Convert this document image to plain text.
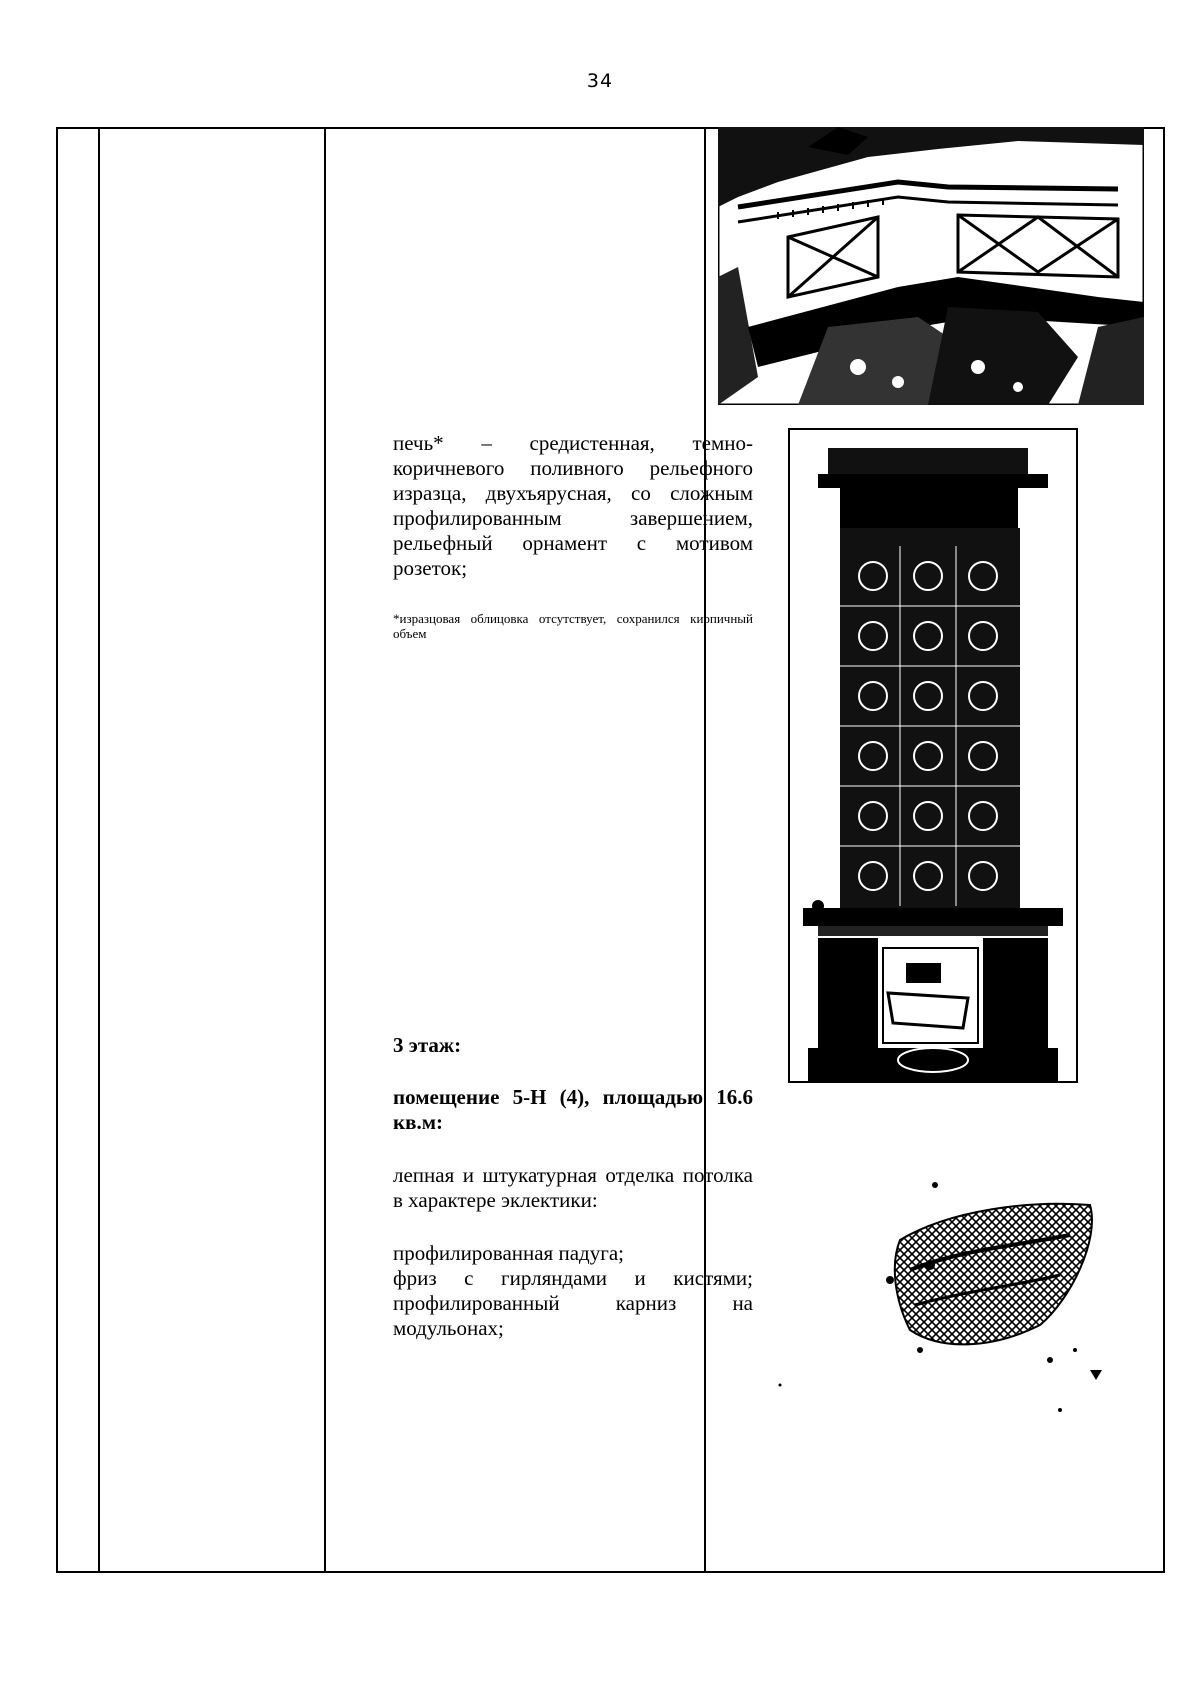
34
печь* – средистенная, темно-коричневого поливного рельефного изразца, двухъярусная, со сложным профилированным завершением, рельефный орнамент с мотивом розеток;
*изразцовая облицовка отсутствует, сохранился кирпичный объем
3 этаж:
помещение 5-Н (4), площадью 16.6 кв.м:
лепная и штукатурная отделка потолка в характере эклектики:
профилированная падуга;
фриз с гирляндами и кистями;
профилированный карниз на модульонах;
